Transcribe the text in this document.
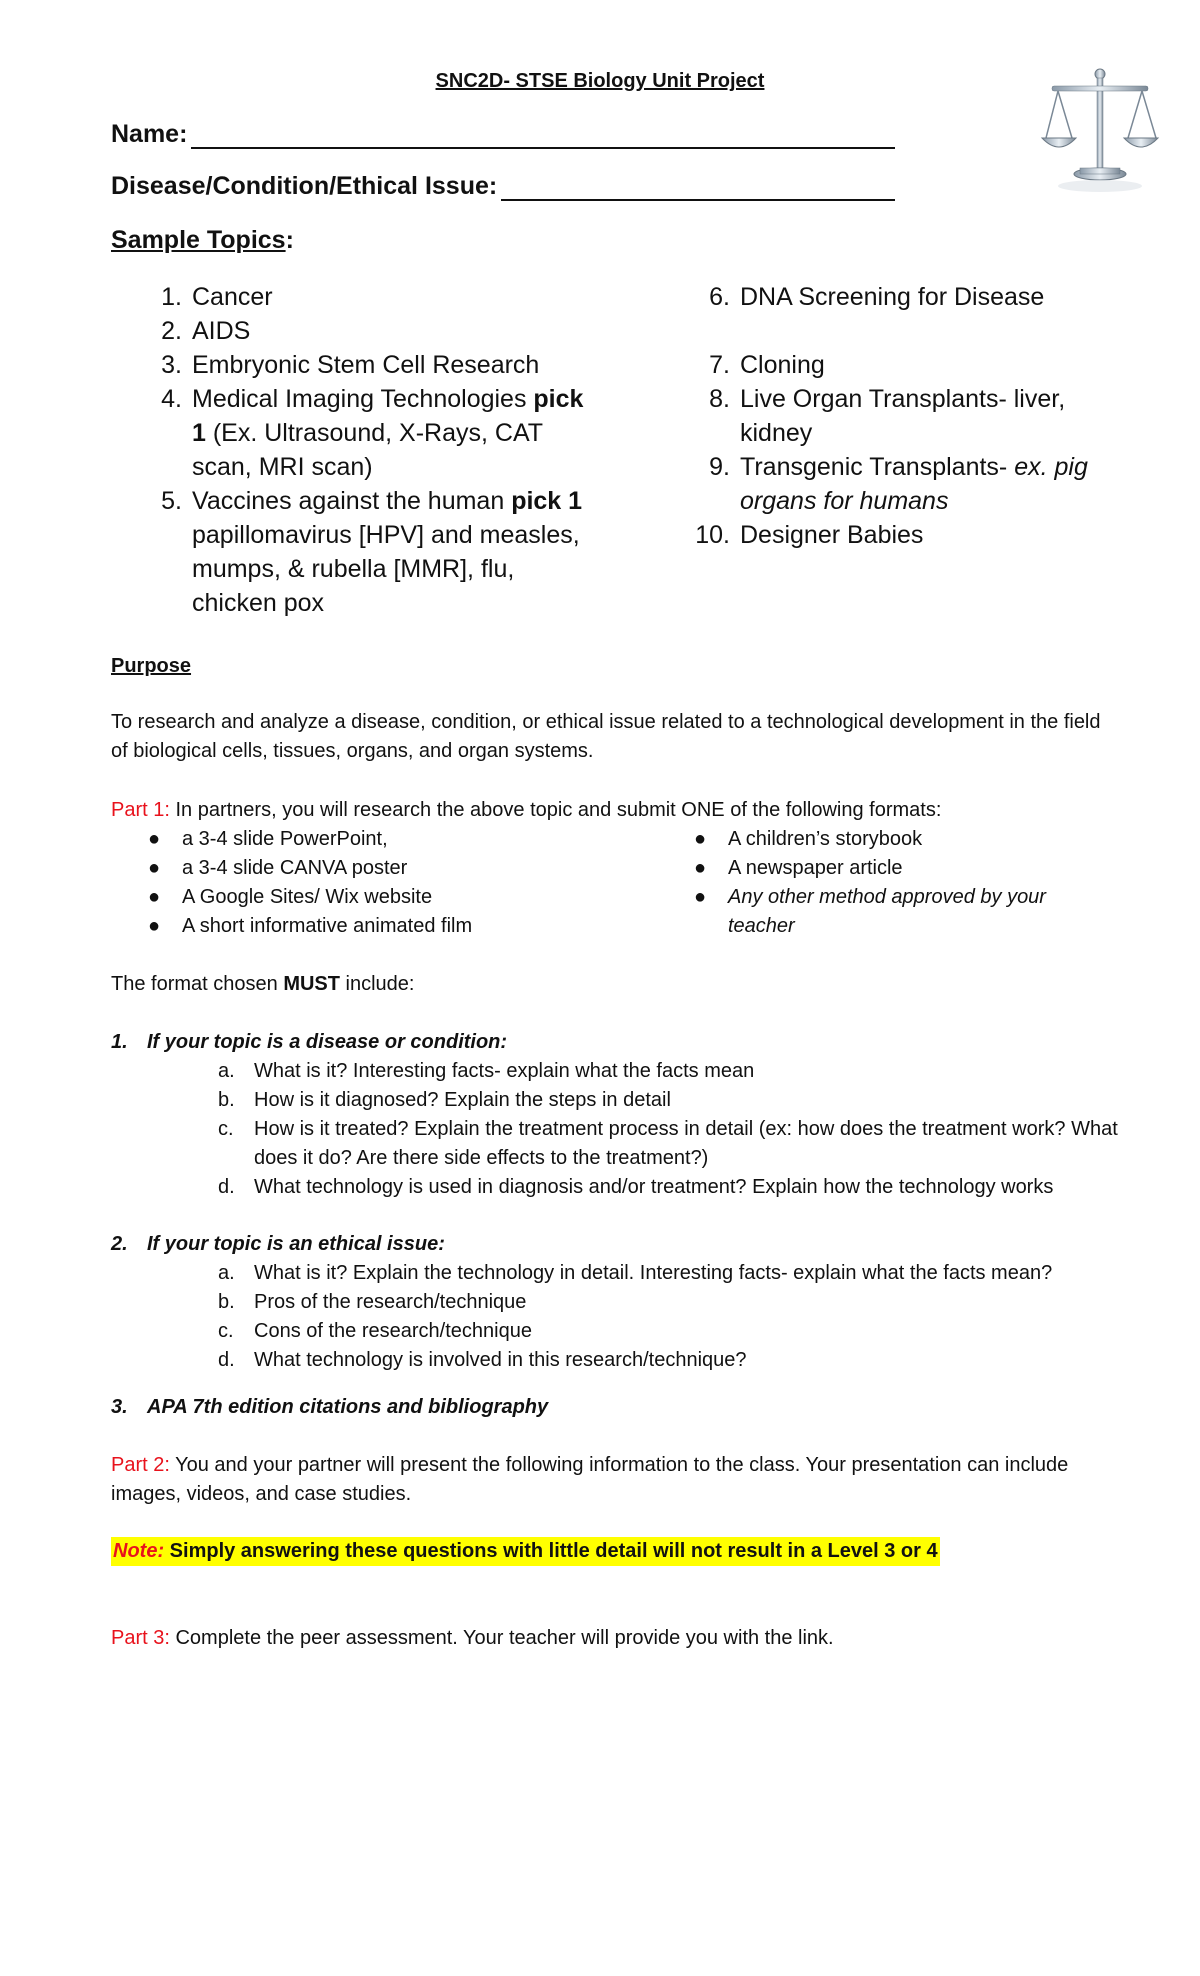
SNC2D- STSE Biology Unit Project
Name:
Disease/Condition/Ethical Issue:
Sample Topics:
1. Cancer
2. AIDS
3. Embryonic Stem Cell Research
4. Medical Imaging Technologies pick 1 (Ex. Ultrasound, X-Rays, CAT scan, MRI scan)
5. Vaccines against the human pick 1 papillomavirus [HPV] and measles, mumps, & rubella [MMR], flu, chicken pox
6. DNA Screening for Disease
7. Cloning
8. Live Organ Transplants- liver, kidney
9. Transgenic Transplants- ex. pig organs for humans
10. Designer Babies
Purpose
To research and analyze a disease, condition, or ethical issue related to a technological development in the field of biological cells, tissues, organs, and organ systems.
Part 1: In partners, you will research the above topic and submit ONE of the following formats:
●	a 3-4 slide PowerPoint,
●	a 3-4 slide CANVA poster
●	A Google Sites/ Wix website
●	A short informative animated film
●	A children’s storybook
●	A newspaper article
●	Any other method approved by your teacher
The format chosen MUST include:
1. If your topic is a disease or condition:
a. What is it? Interesting facts- explain what the facts mean
b. How is it diagnosed? Explain the steps in detail
c.	How is it treated? Explain the treatment process in detail (ex: how does the treatment work? What does it do? Are there side effects to the treatment?)
d. What technology is used in diagnosis and/or treatment? Explain how the technology works
2. If your topic is an ethical issue:
a. What is it? Explain the technology in detail. Interesting facts- explain what the facts mean?
b. Pros of the research/technique
c.	Cons of the research/technique
d. What technology is involved in this research/technique?
3. APA 7th edition citations and bibliography
Part 2: You and your partner will present the following information to the class. Your presentation can include images, videos, and case studies.
Note: Simply answering these questions with little detail will not result in a Level 3 or 4
Part 3: Complete the peer assessment. Your teacher will provide you with the link.
